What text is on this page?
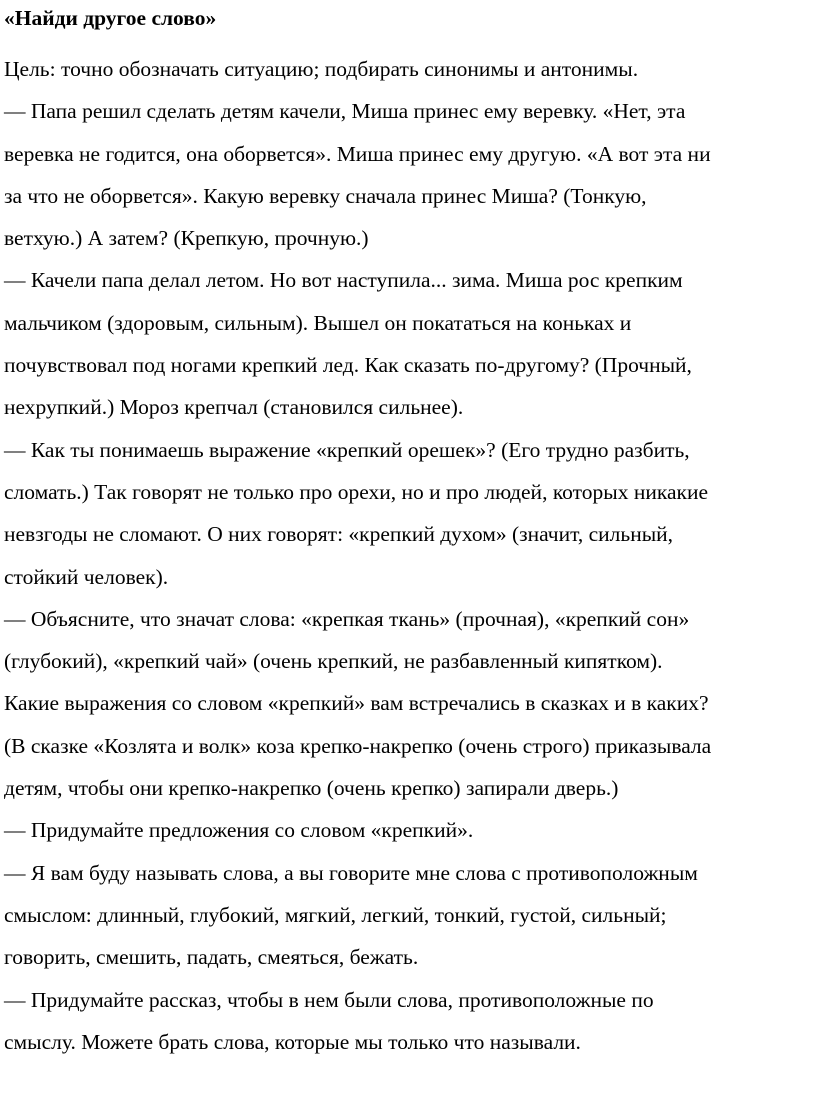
«Найди другое слово»
Цель: точно обозначать ситуацию; подбирать синонимы и антонимы.
— Папа решил сделать детям качели, Миша принес ему веревку. «Нет, эта
веревка не годится, она оборвется». Миша принес ему другую. «А вот эта ни
за что не оборвется». Какую веревку сначала принес Миша? (Тонкую,
ветхую.) А затем? (Крепкую, прочную.)
— Качели папа делал летом. Но вот наступила... зима. Миша рос крепким
мальчиком (здоровым, сильным). Вышел он покататься на коньках и
почувствовал под ногами крепкий лед. Как сказать по-другому? (Прочный,
нехрупкий.) Мороз крепчал (становился сильнее).
— Как ты понимаешь выражение «крепкий орешек»? (Его трудно разбить,
сломать.) Так говорят не только про орехи, но и про людей, которых никакие
невзгоды не сломают. О них говорят: «крепкий духом» (значит, сильный,
стойкий человек).
— Объясните, что значат слова: «крепкая ткань» (прочная), «крепкий сон»
(глубокий), «крепкий чай» (очень крепкий, не разбавленный кипятком).
Какие выражения со словом «крепкий» вам встречались в сказках и в каких?
(В сказке «Козлята и волк» коза крепко-накрепко (очень строго) приказывала
детям, чтобы они крепко-накрепко (очень крепко) запирали дверь.)
— Придумайте предложения со словом «крепкий».
— Я вам буду называть слова, а вы говорите мне слова с противоположным
смыслом: длинный, глубокий, мягкий, легкий, тонкий, густой, сильный;
говорить, смешить, падать, смеяться, бежать.
— Придумайте рассказ, чтобы в нем были слова, противоположные по
смыслу. Можете брать слова, которые мы только что называли.
